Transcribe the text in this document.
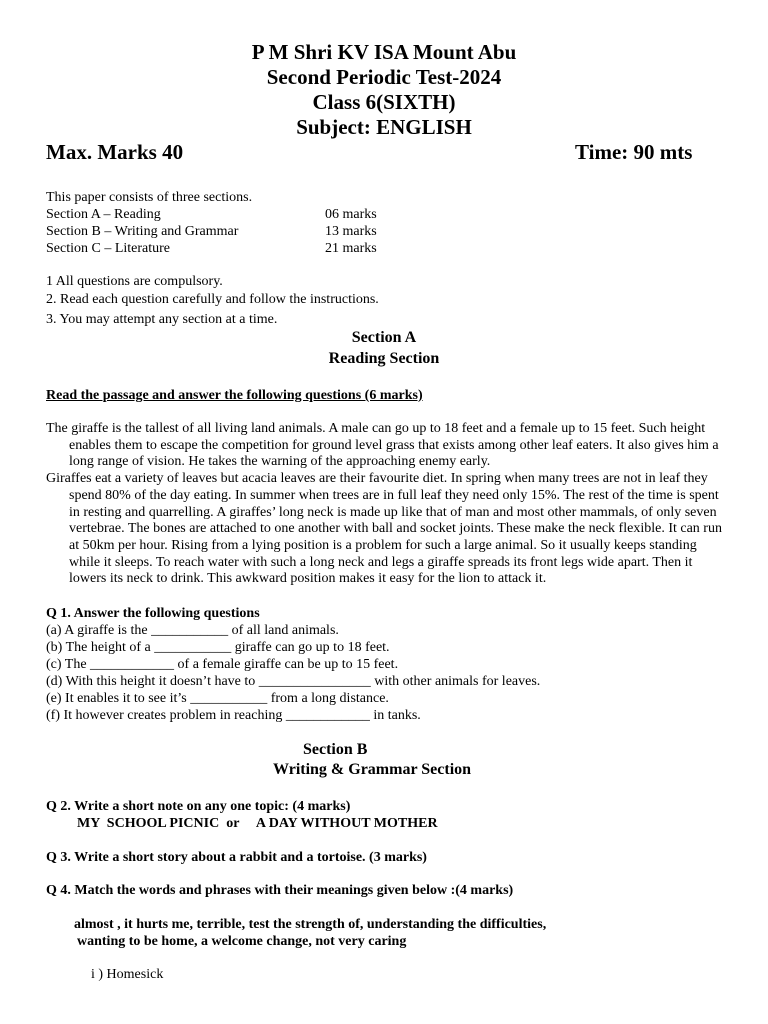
P M Shri KV ISA Mount Abu
Second Periodic Test-2024
Class 6(SIXTH)
Subject: ENGLISH
Max. Marks 40	Time: 90 mts
This paper consists of three sections.
Section A – Reading	06 marks
Section B – Writing and Grammar	13 marks
Section C – Literature	21 marks
1 All questions are compulsory.
2. Read each question carefully and follow the instructions.
3. You may attempt any section at a time.
Section A
Reading Section
Read the passage and answer the following questions (6 marks)

The giraffe is the tallest of all living land animals. A male can go up to 18 feet and a female up to 15 feet. Such height enables them to escape the competition for ground level grass that exists among other leaf eaters. It also gives him a long range of vision. He takes the warning of the approaching enemy early.

Giraffes eat a variety of leaves but acacia leaves are their favourite diet. In spring when many trees are not in leaf they spend 80% of the day eating. In summer when trees are in full leaf they need only 15%. The rest of the time is spent in resting and quarrelling. A giraffes’ long neck is made up like that of man and most other mammals, of only seven vertebrae. The bones are attached to one another with ball and socket joints. These make the neck flexible. It can run at 50km per hour. Rising from a lying position is a problem for such a large animal. So it usually keeps standing while it sleeps. To reach water with such a long neck and legs a giraffe spreads its front legs wide apart. Then it lowers its neck to drink. This awkward position makes it easy for the lion to attack it.

Q 1. Answer the following questions
(a) A giraffe is the ___________ of all land animals.
(b) The height of a ___________ giraffe can go up to 18 feet.
(c) The ____________ of a female giraffe can be up to 15 feet.
(d) With this height it doesn’t have to ________________ with other animals for leaves.
(e) It enables it to see it’s ___________ from a long distance.
(f) It however creates problem in reaching ____________ in tanks.
Section B
Writing & Grammar Section
Q 2. Write a short note on any one topic: (4 marks)
MY  SCHOOL PICNIC  or     A DAY WITHOUT MOTHER
Q 3. Write a short story about a rabbit and a tortoise. (3 marks)
Q 4. Match the words and phrases with their meanings given below :(4 marks)
almost , it hurts me, terrible, test the strength of, understanding the difficulties,
wanting to be home, a welcome change, not very caring
i ) Homesick
